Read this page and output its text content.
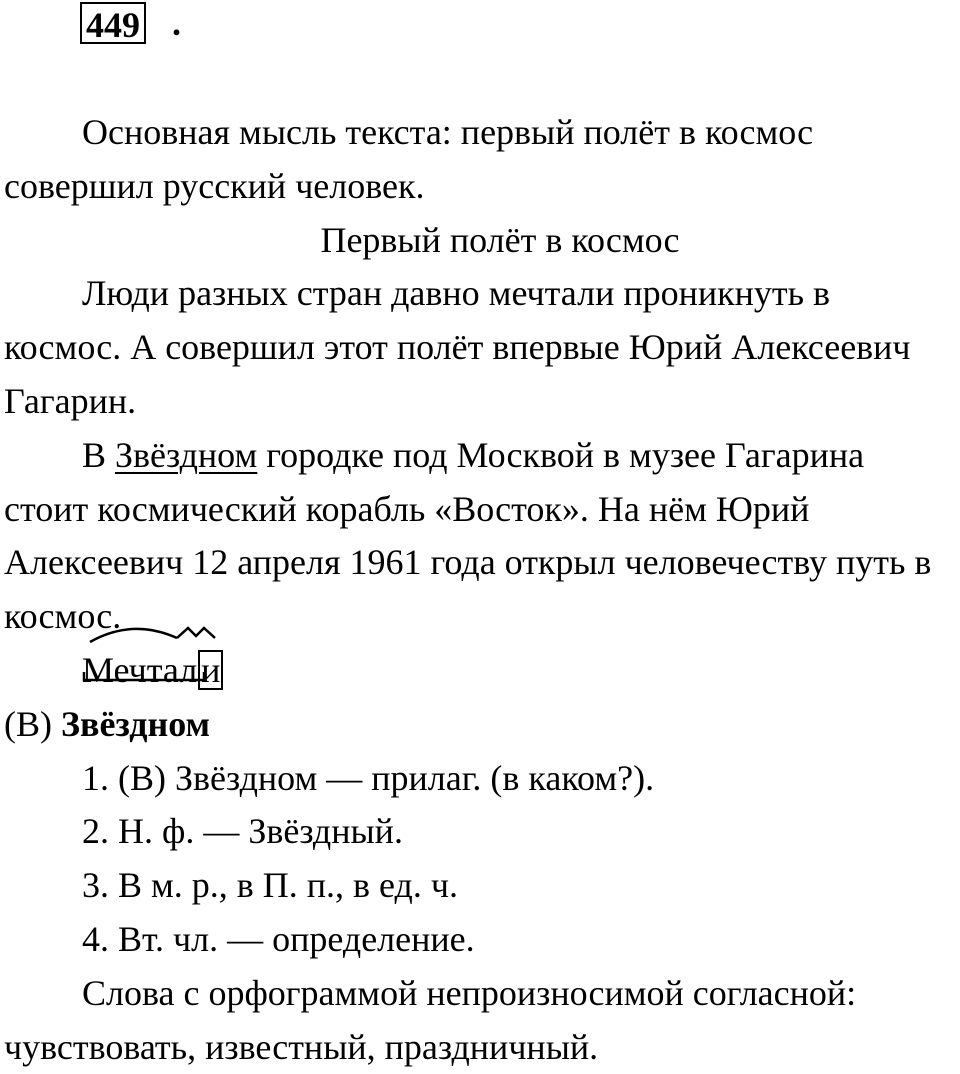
449 .

Основная мысль текста: первый полёт в космос совершил русский человек.

Первый полёт в космос

Люди разных стран давно мечтали проникнуть в космос. А совершил этот полёт впервые Юрий Алексеевич Гагарин.

В Звёздном городке под Москвой в музее Гагарина стоит космический корабль «Восток». На нём Юрий Алексеевич 12 апреля 1961 года открыл человечеству путь в космос.

Мечтал и

(В) Звёздном

1. (В) Звёздном — прилаг. (в каком?).

2. Н. ф. — Звёздный.

3. В м. р., в П. п., в ед. ч.

4. Вт. чл. — определение.

Слова с орфограммой непроизносимой согласной: чувствовать, известный, праздничный.
